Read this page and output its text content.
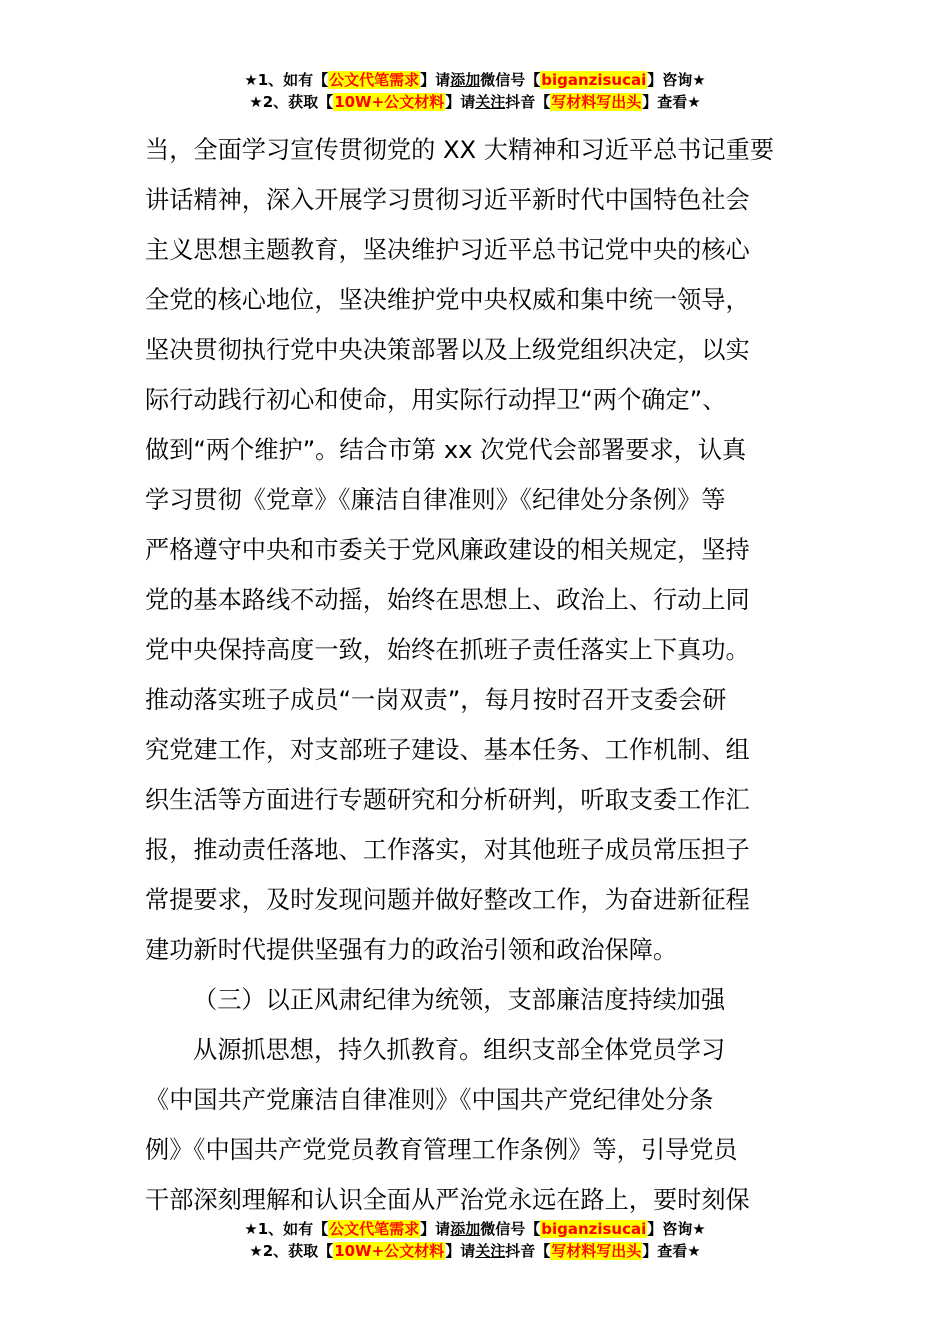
★1、如有【公文代笔需求】请添加微信号【biganzisucai】咨询★
★2、获取【10W+公文材料】请关注抖音【写材料写出头】查看★
当，全面学习宣传贯彻党的 XX 大精神和习近平总书记重要
讲话精神，深入开展学习贯彻习近平新时代中国特色社会
主义思想主题教育，坚决维护习近平总书记党中央的核心
全党的核心地位，坚决维护党中央权威和集中统一领导，
坚决贯彻执行党中央决策部署以及上级党组织决定，以实
际行动践行初心和使命，用实际行动捍卫“两个确定”、
做到“两个维护”。结合市第 xx 次党代会部署要求，认真
学习贯彻《党章》《廉洁自律准则》《纪律处分条例》等
严格遵守中央和市委关于党风廉政建设的相关规定，坚持
党的基本路线不动摇，始终在思想上、政治上、行动上同
党中央保持高度一致，始终在抓班子责任落实上下真功。
推动落实班子成员“一岗双责”，每月按时召开支委会研
究党建工作，对支部班子建设、基本任务、工作机制、组
织生活等方面进行专题研究和分析研判，听取支委工作汇
报，推动责任落地、工作落实，对其他班子成员常压担子
常提要求，及时发现问题并做好整改工作，为奋进新征程
建功新时代提供坚强有力的政治引领和政治保障。
（三）以正风肃纪律为统领，支部廉洁度持续加强
从源抓思想，持久抓教育。组织支部全体党员学习
《中国共产党廉洁自律准则》《中国共产党纪律处分条
例》《中国共产党党员教育管理工作条例》等，引导党员
干部深刻理解和认识全面从严治党永远在路上，要时刻保
★1、如有【公文代笔需求】请添加微信号【biganzisucai】咨询★
★2、获取【10W+公文材料】请关注抖音【写材料写出头】查看★
